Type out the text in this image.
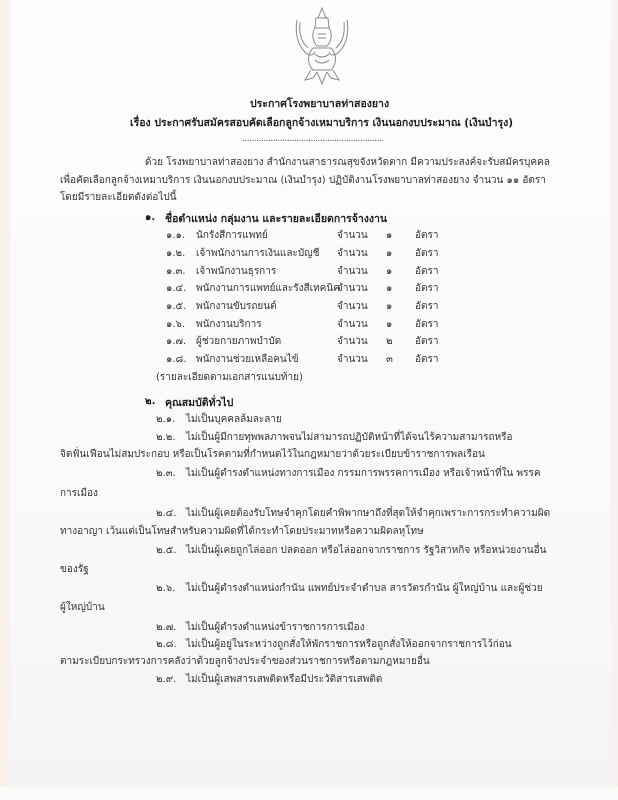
ประกาศโรงพยาบาลท่าสองยาง
เรื่อง ประกาศรับสมัครสอบคัดเลือกลูกจ้างเหมาบริการ เงินนอกงบประมาณ (เงินบำรุง)
............................................................
ด้วย โรงพยาบาลท่าสองยาง สำนักงานสาธารณสุขจังหวัดตาก มีความประสงค์จะรับสมัครบุคคล
เพื่อคัดเลือกลูกจ้างเหมาบริการ เงินนอกงบประมาณ (เงินบำรุง) ปฏิบัติงานโรงพยาบาลท่าสองยาง จำนวน ๑๑ อัตรา
โดยมีรายละเอียดดังต่อไปนี้
๑. ชื่อตำแหน่ง กลุ่มงาน และรายละเอียดการจ้างงาน
๑.๑. นักรังสีการแพทย์	จำนวน ๑ อัตรา
๑.๒. เจ้าพนักงานการเงินและบัญชี จำนวน ๑ อัตรา
๑.๓. เจ้าพนักงานธุรการ	จำนวน ๑ อัตรา
๑.๔. พนักงานการแพทย์และรังสีเทคนิค
จำนวน ๑ อัตรา
๑.๕. พนักงานขับรถยนต์	จำนวน ๑ อัตรา
๑.๖. พนักงานบริการ	จำนวน ๑ อัตรา
๑.๗. ผู้ช่วยกายภาพบำบัด	จำนวน ๒ อัตรา
๑.๘. พนักงานช่วยเหลือคนไข้	จำนวน ๓ อัตรา
(รายละเอียดตามเอกสารแนบท้าย)
๒. คุณสมบัติทั่วไป
๒.๑. ไม่เป็นบุคคลล้มละลาย
๒.๒. ไม่เป็นผู้มีกายทุพพลภาพจนไม่สามารถปฏิบัติหน้าที่ได้จนไร้ความสามารถหรือ
จิตฟั่นเฟือนไม่สมประกอบ หรือเป็นโรคตามที่กำหนดไว้ในกฎหมายว่าด้วยระเบียบข้าราชการพลเรือน
๒.๓. ไม่เป็นผู้ดำรงตำแหน่งทางการเมือง กรรมการพรรคการเมือง หรือเจ้าหน้าที่ใน พรรค
การเมือง
๒.๔. ไม่เป็นผู้เคยต้องรับโทษจำคุกโดยคำพิพากษาถึงที่สุดให้จำคุกเพราะการกระทำความผิด
ทางอาญา เว้นแต่เป็นโทษสำหรับความผิดที่ได้กระทำโดยประมาทหรือความผิดลหุโทษ
๒.๕. ไม่เป็นผู้เคยถูกไล่ออก ปลดออก หรือไล่ออกจากราชการ รัฐวิสาหกิจ หรือหน่วยงานอื่น
ของรัฐ
๒.๖. ไม่เป็นผู้ดำรงตำแหน่งกำนัน แพทย์ประจำตำบล สารวัตรกำนัน ผู้ใหญ่บ้าน และผู้ช่วย
ผู้ใหญ่บ้าน
๒.๗. ไม่เป็นผู้ดำรงตำแหน่งข้าราชการการเมือง
๒.๘. ไม่เป็นผู้อยู่ในระหว่างถูกสั่งให้พักราชการหรือถูกสั่งให้ออกจากราชการไว้ก่อน
ตามระเบียบกระทรวงการคลังว่าด้วยลูกจ้างประจำของส่วนราชการหรือตามกฎหมายอื่น
๒.๙. ไม่เป็นผู้เสพสารเสพติดหรือมีประวัติสารเสพติด
